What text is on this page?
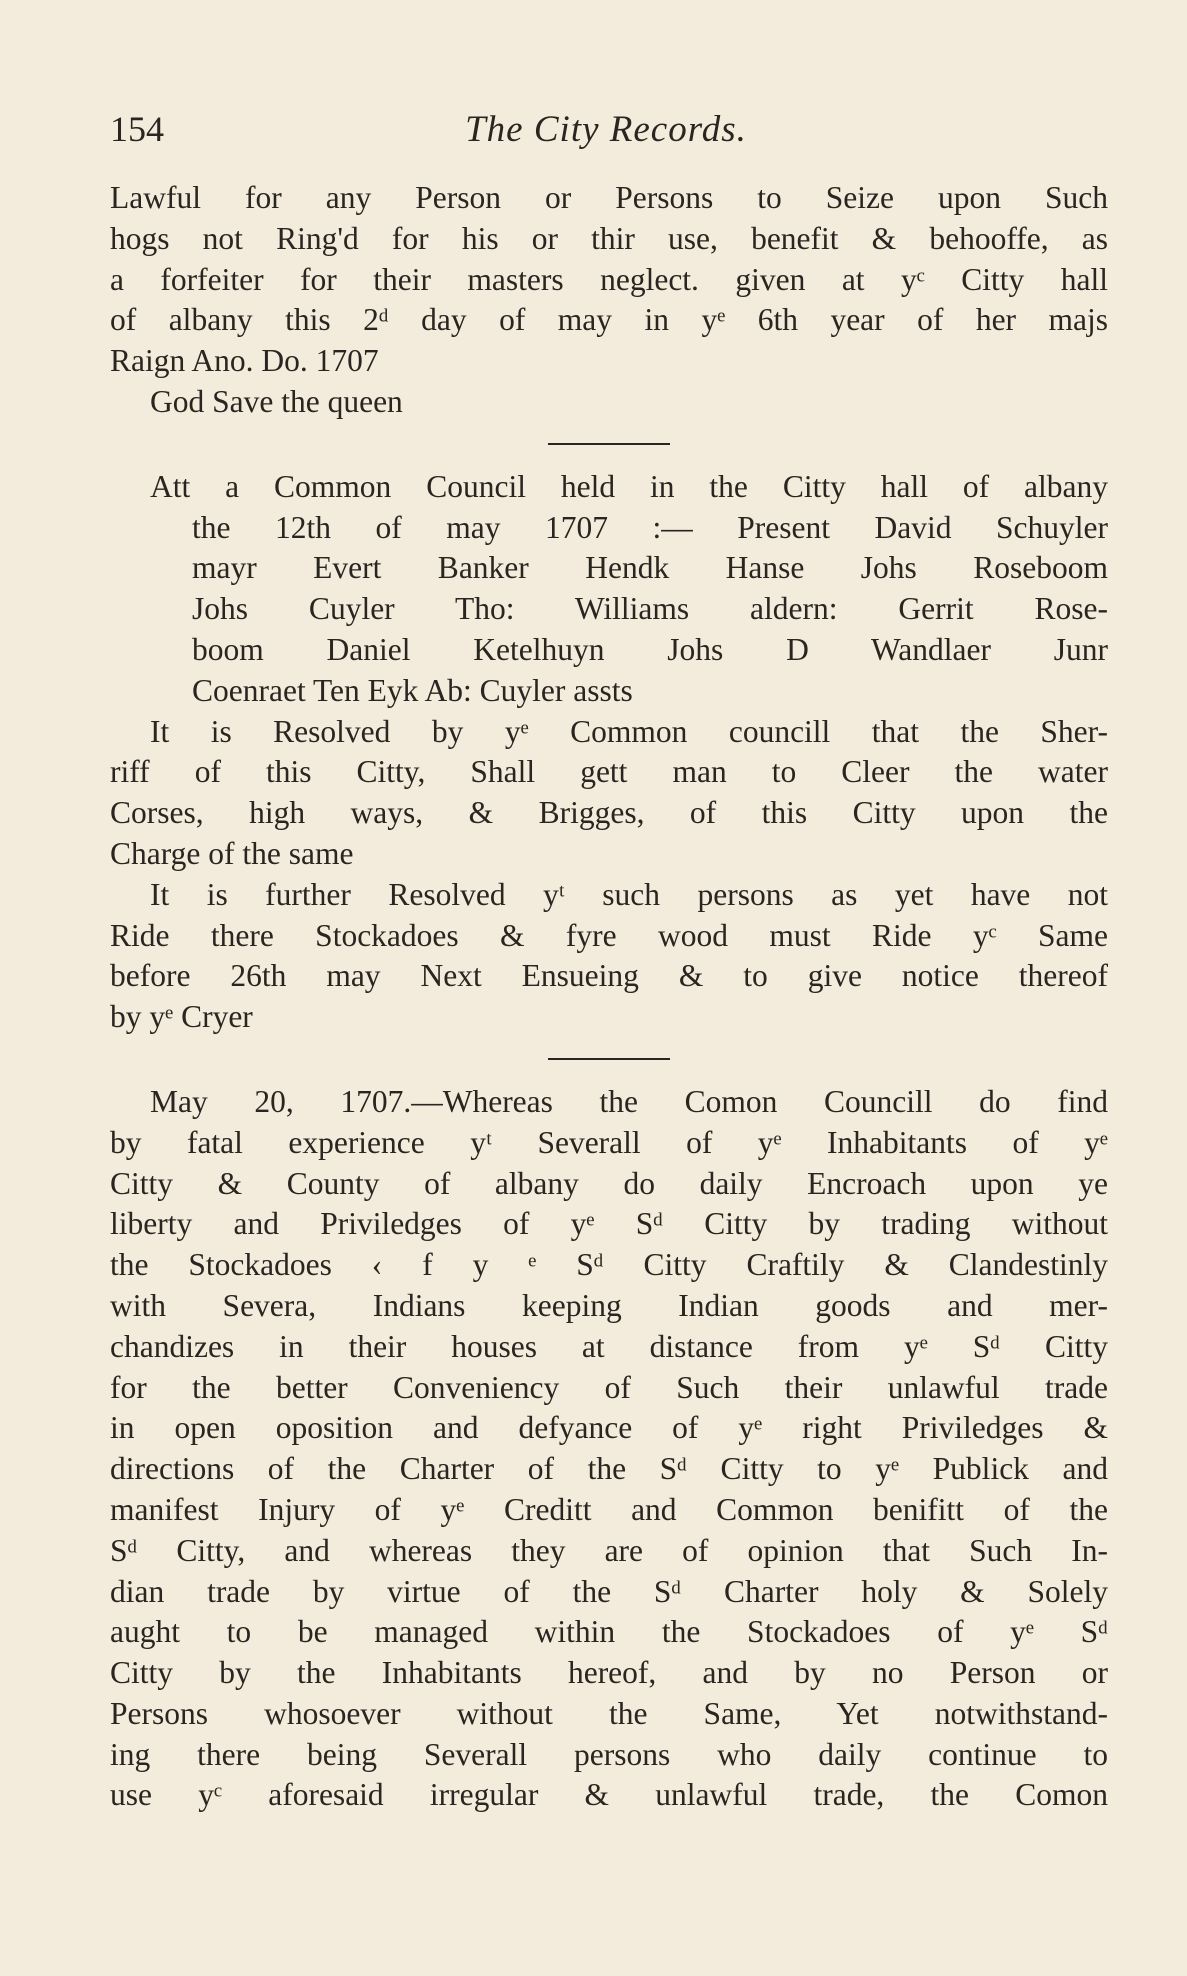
154	The City Records.
Lawful for any Person or Persons to Seize upon Such
hogs not Ring'd for his or thir use, benefit & behooffe, as
a forfeiter for their masters neglect. given at yᶜ Citty hall
of albany this 2ᵈ day of may in yᵉ 6th year of her majs
Raign Ano. Do. 1707
God Save the queen
Att a Common Council held in the Citty hall of albany
the 12th of may 1707 :— Present David Schuyler
mayr Evert Banker Hendk Hanse Johs Roseboom
Johs Cuyler Tho: Williams aldern: Gerrit Rose-
boom Daniel Ketelhuyn Johs D Wandlaer Junr
Coenraet Ten Eyk Ab: Cuyler assts
It is Resolved by yᵉ Common councill that the Sher-
riff of this Citty, Shall gett man to Cleer the water
Corses, high ways, & Brigges, of this Citty upon the
Charge of the same
It is further Resolved yᵗ such persons as yet have not
Ride there Stockadoes & fyre wood must Ride yᶜ Same
before 26th may Next Ensueing & to give notice thereof
by yᵉ Cryer
May 20, 1707.—Whereas the Comon Councill do find
by fatal experience yᵗ Severall of yᵉ Inhabitants of yᵉ
Citty & County of albany do daily Encroach upon ye
liberty and Priviledges of yᵉ Sᵈ Citty by trading without
the Stockadoes ‹ f y ᵉ Sᵈ Citty Craftily & Clandestinly
with Severa, Indians keeping Indian goods and mer-
chandizes in their houses at distance from yᵉ Sᵈ Citty
for the better Conveniency of Such their unlawful trade
in open oposition and defyance of yᵉ right Priviledges &
directions of the Charter of the Sᵈ Citty to yᵉ Publick and
manifest Injury of yᵉ Creditt and Common benifitt of the
Sᵈ Citty, and whereas they are of opinion that Such In-
dian trade by virtue of the Sᵈ Charter holy & Solely
aught to be managed within the Stockadoes of yᵉ Sᵈ
Citty by the Inhabitants hereof, and by no Person or
Persons whosoever without the Same, Yet notwithstand-
ing there being Severall persons who daily continue to
use yᶜ aforesaid irregular & unlawful trade, the Comon
